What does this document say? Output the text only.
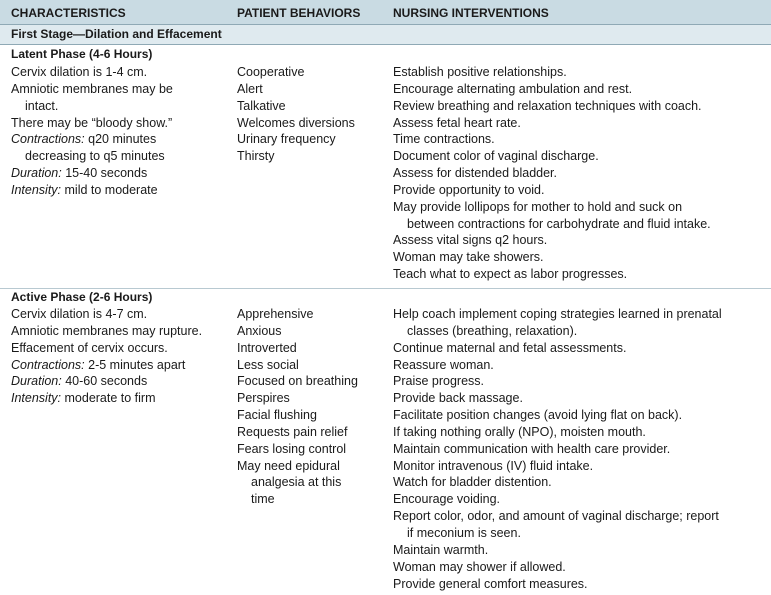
CHARACTERISTICS	PATIENT BEHAVIORS	NURSING INTERVENTIONS
First Stage—Dilation and Effacement
Latent Phase (4-6 Hours)
Cervix dilation is 1-4 cm.
Amniotic membranes may be
intact.
There may be “bloody show.”
Contractions: q20 minutes
decreasing to q5 minutes
Duration: 15-40 seconds
Intensity: mild to moderate
Cooperative
Alert
Talkative
Welcomes diversions
Urinary frequency
Thirsty
Establish positive relationships.
Encourage alternating ambulation and rest.
Review breathing and relaxation techniques with coach.
Assess fetal heart rate.
Time contractions.
Document color of vaginal discharge.
Assess for distended bladder.
Provide opportunity to void.
May provide lollipops for mother to hold and suck on
between contractions for carbohydrate and fluid intake.
Assess vital signs q2 hours.
Woman may take showers.
Teach what to expect as labor progresses.
Active Phase (2-6 Hours)
Cervix dilation is 4-7 cm.
Amniotic membranes may rupture.
Effacement of cervix occurs.
Contractions: 2-5 minutes apart
Duration: 40-60 seconds
Intensity: moderate to firm
Apprehensive
Anxious
Introverted
Less social
Focused on breathing
Perspires
Facial flushing
Requests pain relief
Fears losing control
May need epidural
analgesia at this
time
Help coach implement coping strategies learned in prenatal
classes (breathing, relaxation).
Continue maternal and fetal assessments.
Reassure woman.
Praise progress.
Provide back massage.
Facilitate position changes (avoid lying flat on back).
If taking nothing orally (NPO), moisten mouth.
Maintain communication with health care provider.
Monitor intravenous (IV) fluid intake.
Watch for bladder distention.
Encourage voiding.
Report color, odor, and amount of vaginal discharge; report
if meconium is seen.
Maintain warmth.
Woman may shower if allowed.
Provide general comfort measures.
